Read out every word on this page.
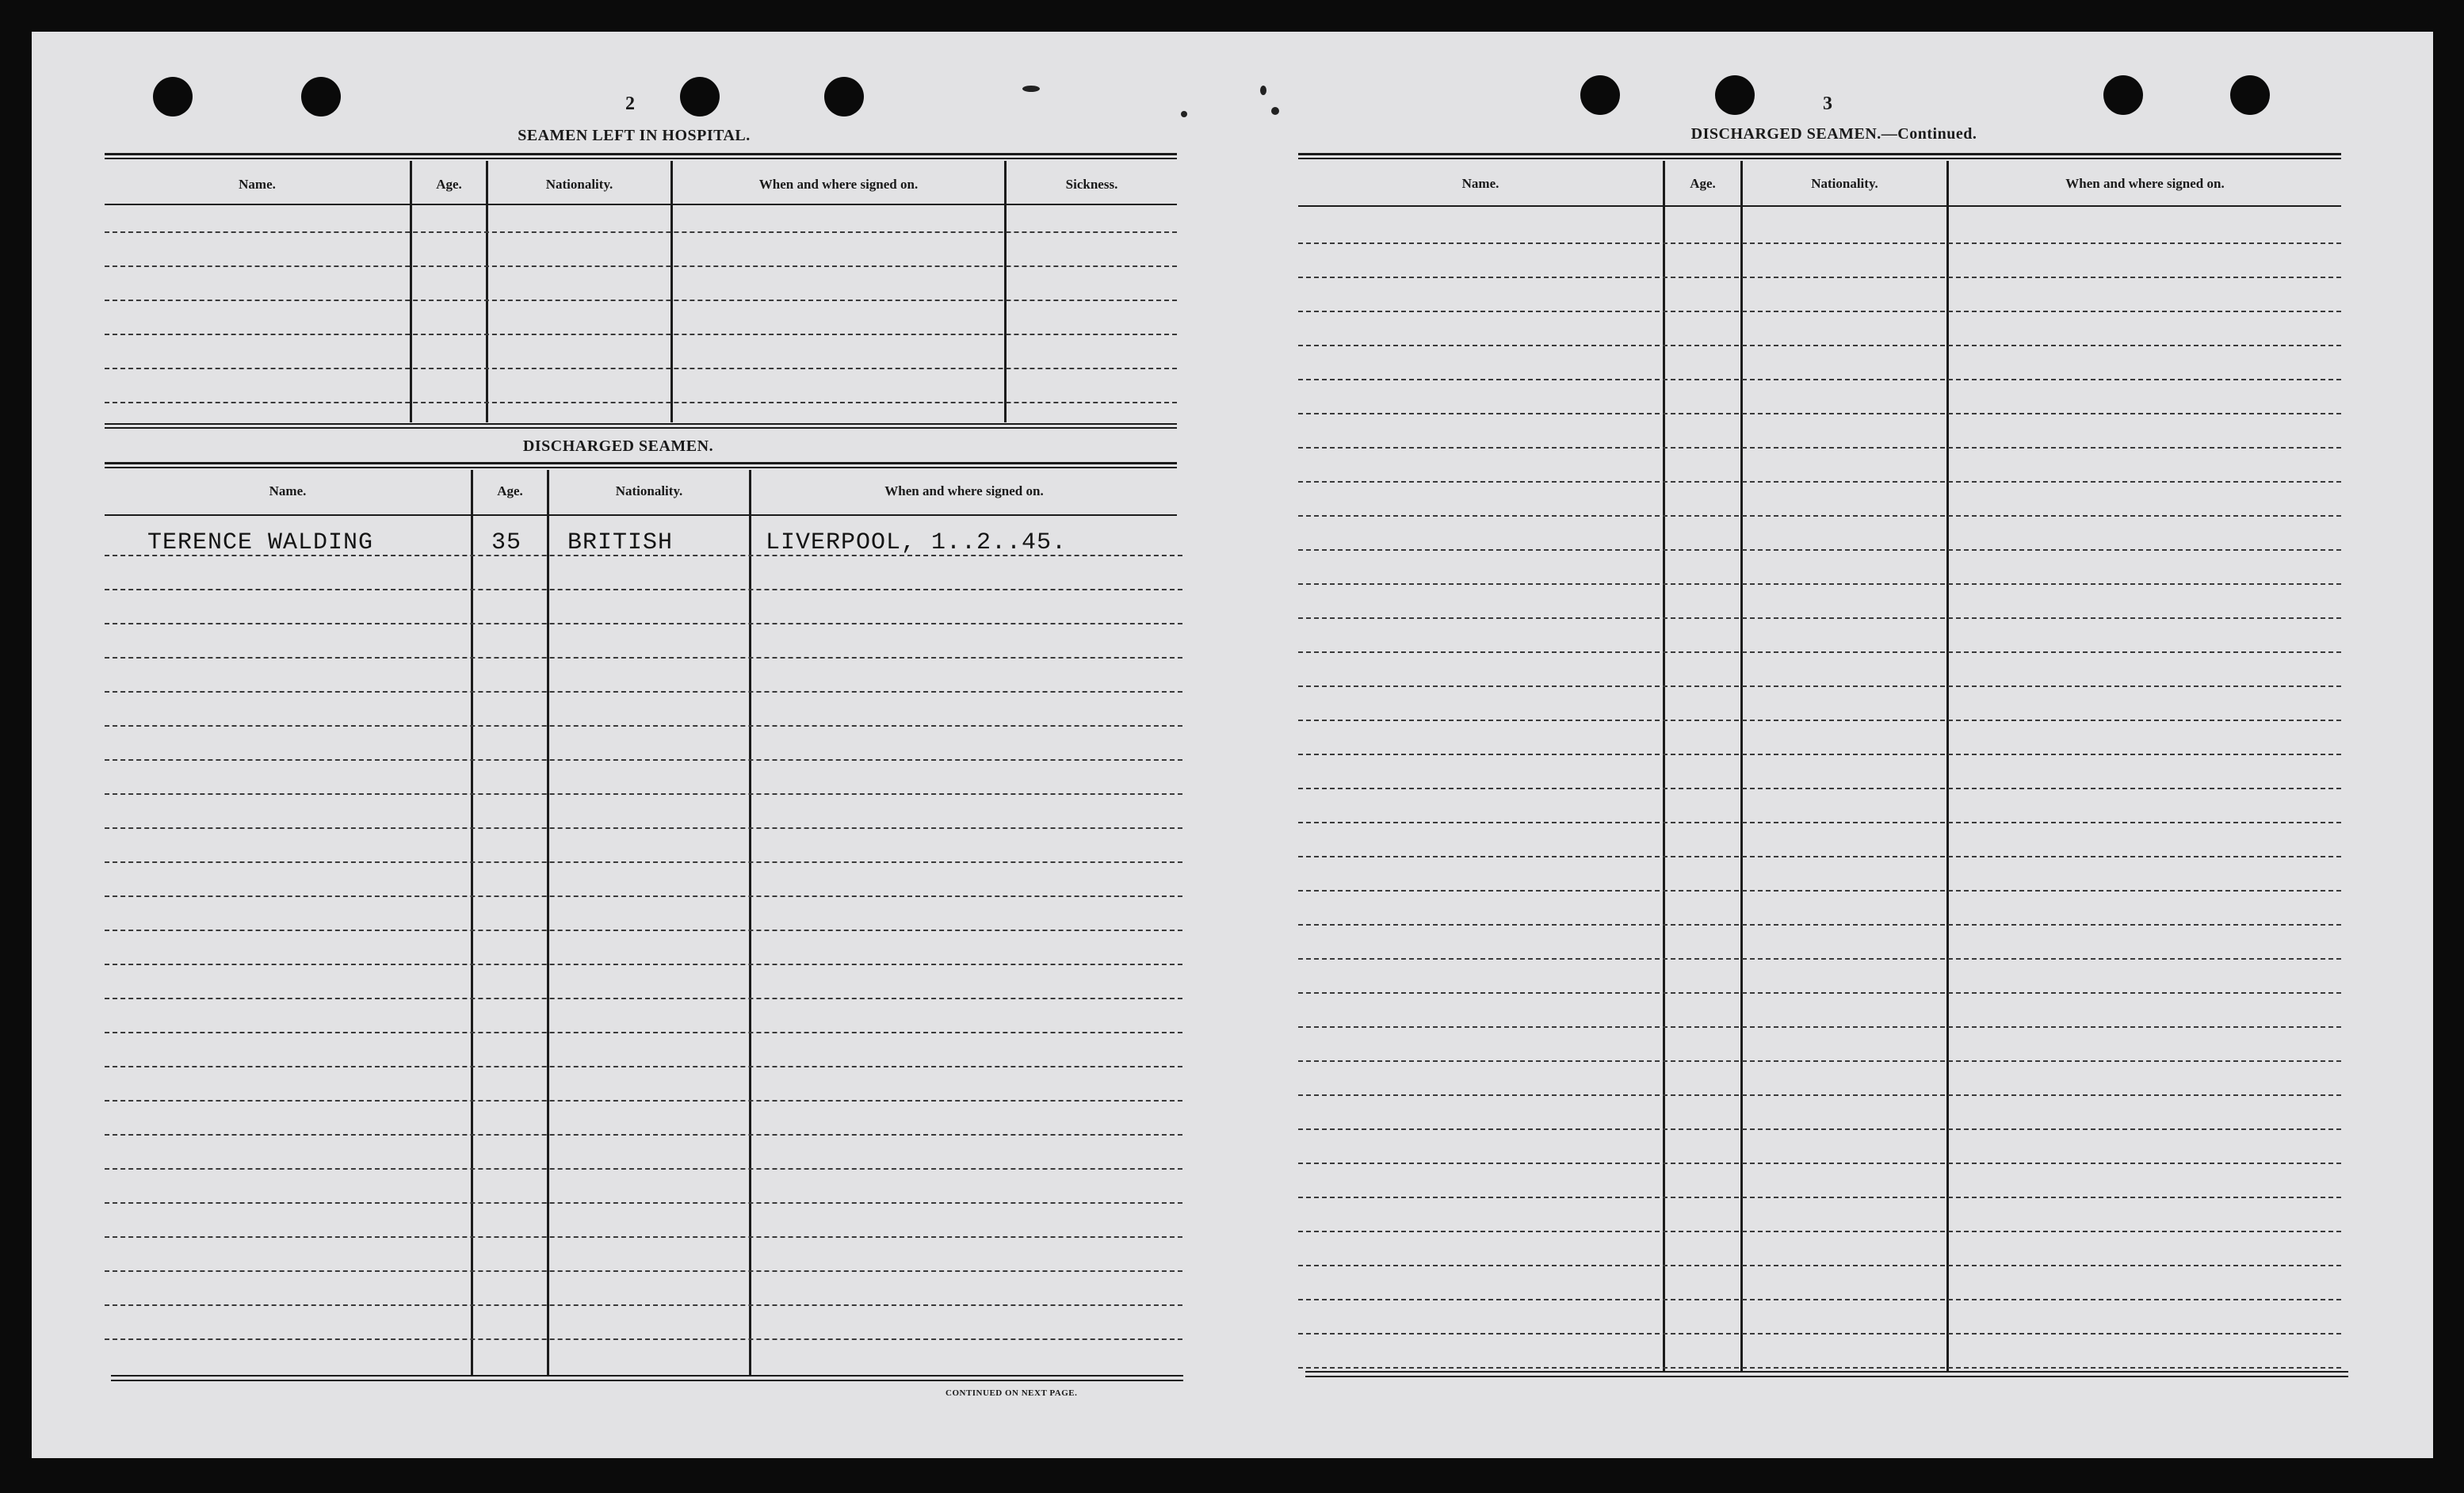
2
SEAMEN LEFT IN HOSPITAL.
Name.	Age.	Nationality.	When and where signed on.	Sickness.
DISCHARGED SEAMEN.
Name.	Age.	Nationality.	When and where signed on.
TERENCE WALDING	35 BRITISH	LIVERPOOL, 1..2..45.
CONTINUED ON NEXT PAGE.
3
DISCHARGED SEAMEN.—Continued.
Name.	Age.	Nationality.	When and where signed on.
